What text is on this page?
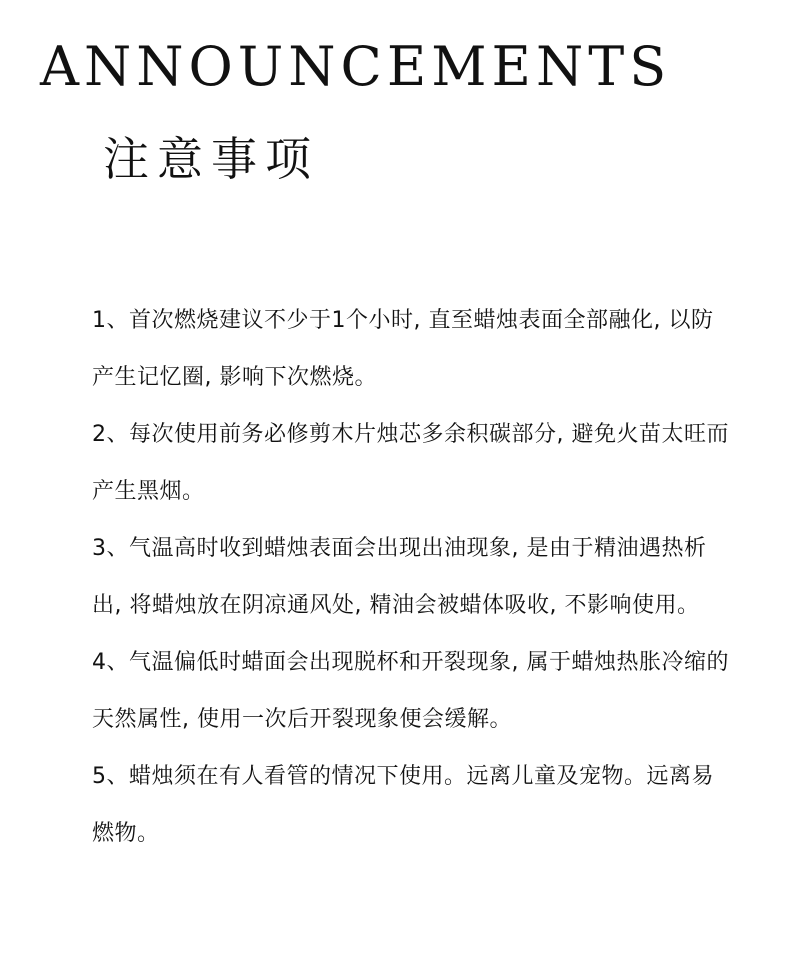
ANNOUNCEMENTS
注意事项
1、首次燃烧建议不少于1个小时, 直至蜡烛表面全部融化, 以防产生记忆圈, 影响下次燃烧。
2、每次使用前务必修剪木片烛芯多余积碳部分, 避免火苗太旺而产生黑烟。
3、气温高时收到蜡烛表面会出现出油现象, 是由于精油遇热析出, 将蜡烛放在阴凉通风处, 精油会被蜡体吸收, 不影响使用。
4、气温偏低时蜡面会出现脱杯和开裂现象, 属于蜡烛热胀冷缩的天然属性, 使用一次后开裂现象便会缓解。
5、蜡烛须在有人看管的情况下使用。远离儿童及宠物。远离易燃物。
